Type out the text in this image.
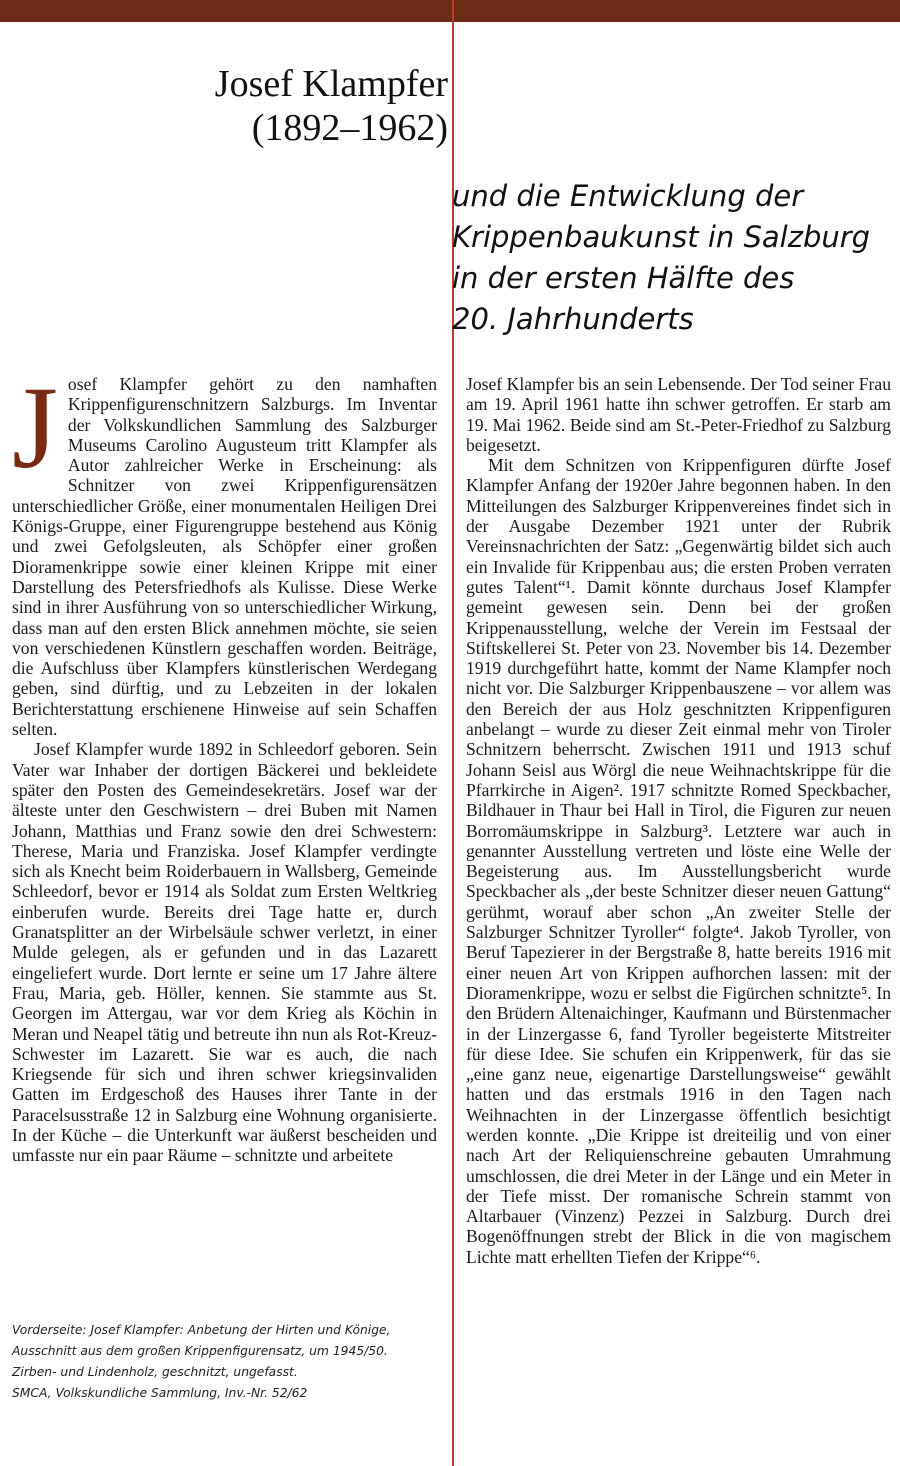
Josef Klampfer
(1892–1962)
und die Entwicklung der
Krippenbaukunst in Salzburg
in der ersten Hälfte des
20. Jahrhunderts
J osef Klampfer gehört zu den namhaften Krippenfigurenschnitzern Salzburgs. Im Inventar der Volkskundlichen Sammlung des Salzburger Museums Carolino Augusteum tritt Klampfer als Autor zahlreicher Werke in Erscheinung: als Schnitzer von zwei Krippenfigurensätzen unterschiedlicher Größe, einer monumentalen Heiligen Drei Königs-Gruppe, einer Figurengruppe bestehend aus König und zwei Gefolgsleuten, als Schöpfer einer großen Dioramenkrippe sowie einer kleinen Krippe mit einer Darstellung des Petersfriedhofs als Kulisse. Diese Werke sind in ihrer Ausführung von so unterschiedlicher Wirkung, dass man auf den ersten Blick annehmen möchte, sie seien von verschiedenen Künstlern geschaffen worden. Beiträge, die Aufschluss über Klampfers künstlerischen Werdegang geben, sind dürftig, und zu Lebzeiten in der lokalen Berichterstattung erschienene Hinweise auf sein Schaffen selten.

Josef Klampfer wurde 1892 in Schleedorf geboren. Sein Vater war Inhaber der dortigen Bäckerei und bekleidete später den Posten des Gemeindesekretärs. Josef war der älteste unter den Geschwistern – drei Buben mit Namen Johann, Matthias und Franz sowie den drei Schwestern: Therese, Maria und Franziska. Josef Klampfer verdingte sich als Knecht beim Roiderbauern in Wallsberg, Gemeinde Schleedorf, bevor er 1914 als Soldat zum Ersten Weltkrieg einberufen wurde. Bereits drei Tage hatte er, durch Granatsplitter an der Wirbelsäule schwer verletzt, in einer Mulde gelegen, als er gefunden und in das Lazarett eingeliefert wurde. Dort lernte er seine um 17 Jahre ältere Frau, Maria, geb. Höller, kennen. Sie stammte aus St. Georgen im Attergau, war vor dem Krieg als Köchin in Meran und Neapel tätig und betreute ihn nun als Rot-Kreuz-Schwester im Lazarett. Sie war es auch, die nach Kriegsende für sich und ihren schwer kriegsinvaliden Gatten im Erdgeschoß des Hauses ihrer Tante in der Paracelsusstraße 12 in Salzburg eine Wohnung organisierte. In der Küche – die Unterkunft war äußerst bescheiden und umfasste nur ein paar Räume – schnitzte und arbeitete

Josef Klampfer bis an sein Lebensende. Der Tod seiner Frau am 19. April 1961 hatte ihn schwer getroffen. Er starb am 19. Mai 1962. Beide sind am St.-Peter-Friedhof zu Salzburg beigesetzt.

Mit dem Schnitzen von Krippenfiguren dürfte Josef Klampfer Anfang der 1920er Jahre begonnen haben. In den Mitteilungen des Salzburger Krippenvereines findet sich in der Ausgabe Dezember 1921 unter der Rubrik Vereinsnachrichten der Satz: „Gegenwärtig bildet sich auch ein Invalide für Krippenbau aus; die ersten Proben verraten gutes Talent“¹. Damit könnte durchaus Josef Klampfer gemeint gewesen sein. Denn bei der großen Krippenausstellung, welche der Verein im Festsaal der Stiftskellerei St. Peter von 23. November bis 14. Dezember 1919 durchgeführt hatte, kommt der Name Klampfer noch nicht vor. Die Salzburger Krippenbauszene – vor allem was den Bereich der aus Holz geschnitzten Krippenfiguren anbelangt – wurde zu dieser Zeit einmal mehr von Tiroler Schnitzern beherrscht. Zwischen 1911 und 1913 schuf Johann Seisl aus Wörgl die neue Weihnachtskrippe für die Pfarrkirche in Aigen². 1917 schnitzte Romed Speckbacher, Bildhauer in Thaur bei Hall in Tirol, die Figuren zur neuen Borromäumskrippe in Salzburg³. Letztere war auch in genannter Ausstellung vertreten und löste eine Welle der Begeisterung aus. Im Ausstellungsbericht wurde Speckbacher als „der beste Schnitzer dieser neuen Gattung“ gerühmt, worauf aber schon „An zweiter Stelle der Salzburger Schnitzer Tyroller“ folgte⁴. Jakob Tyroller, von Beruf Tapezierer in der Bergstraße 8, hatte bereits 1916 mit einer neuen Art von Krippen aufhorchen lassen: mit der Dioramenkrippe, wozu er selbst die Figürchen schnitzte⁵. In den Brüdern Altenaichinger, Kaufmann und Bürstenmacher in der Linzergasse 6, fand Tyroller begeisterte Mitstreiter für diese Idee. Sie schufen ein Krippenwerk, für das sie „eine ganz neue, eigenartige Darstellungsweise“ gewählt hatten und das erstmals 1916 in den Tagen nach Weihnachten in der Linzergasse öffentlich besichtigt werden konnte. „Die Krippe ist dreiteilig und von einer nach Art der Reliquienschreine gebauten Umrahmung umschlossen, die drei Meter in der Länge und ein Meter in der Tiefe misst. Der romanische Schrein stammt von Altarbauer (Vinzenz) Pezzei in Salzburg. Durch drei Bogenöffnungen strebt der Blick in die von magischem Lichte matt erhellten Tiefen der Krippe“⁶.

Vorderseite: Josef Klampfer: Anbetung der Hirten und Könige,
Ausschnitt aus dem großen Krippenfigurensatz, um 1945/50.
Zirben- und Lindenholz, geschnitzt, ungefasst.
SMCA, Volkskundliche Sammlung, Inv.-Nr. 52/62
